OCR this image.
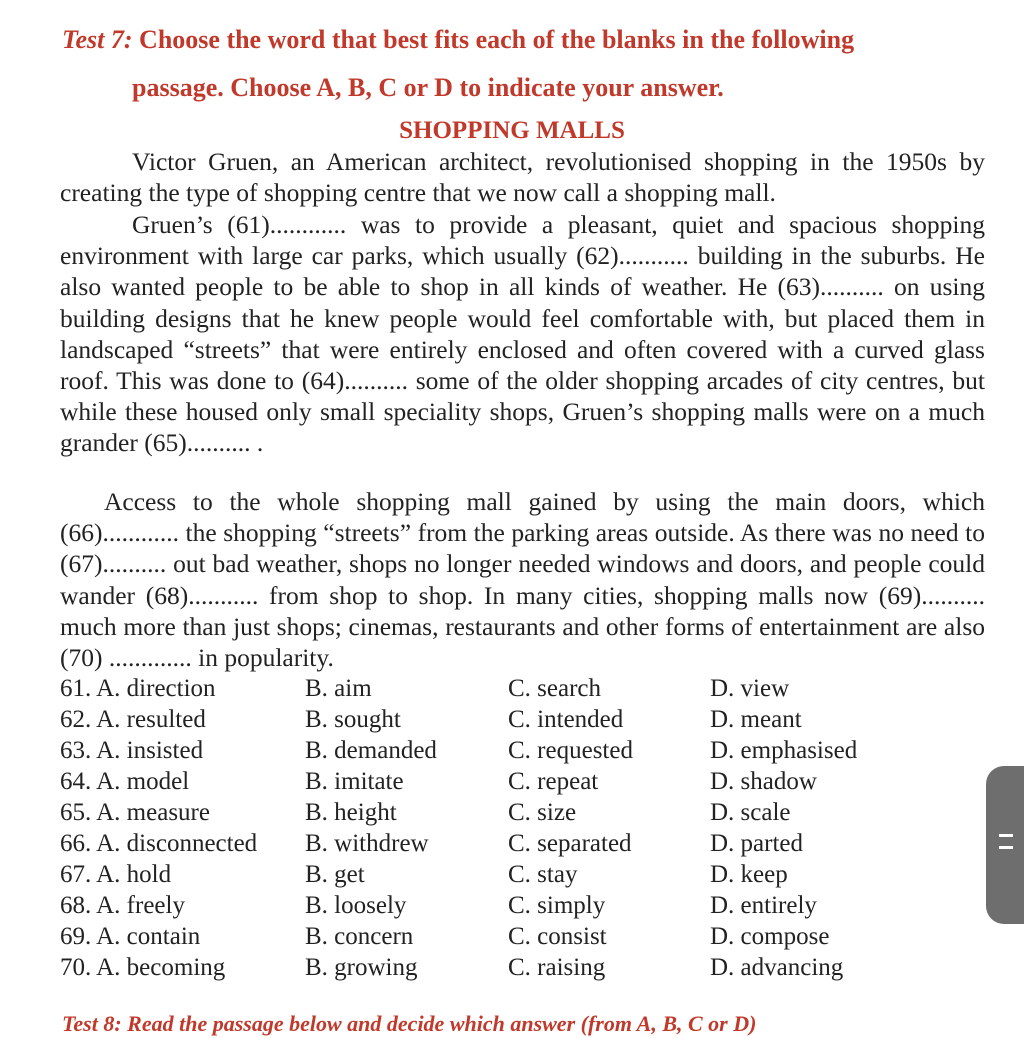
Test 7: Choose the word that best fits each of the blanks in the following
passage. Choose A, B, C or D to indicate your answer.
SHOPPING MALLS

Victor Gruen, an American architect, revolutionised shopping in the 1950s by creating the type of shopping centre that we now call a shopping mall.

Gruen’s (61)............ was to provide a pleasant, quiet and spacious shopping environment with large car parks, which usually (62)........... building in the suburbs. He also wanted people to be able to shop in all kinds of weather. He (63).......... on using building designs that he knew people would feel comfortable with, but placed them in landscaped “streets” that were entirely enclosed and often covered with a curved glass roof. This was done to (64).......... some of the older shopping arcades of city centres, but while these housed only small speciality shops, Gruen’s shopping malls were on a much grander (65).......... .

Access to the whole shopping mall gained by using the main doors, which (66)............ the shopping “streets” from the parking areas outside. As there was no need to (67).......... out bad weather, shops no longer needed windows and doors, and people could wander (68)........... from shop to shop. In many cities, shopping malls now (69).......... much more than just shops; cinemas, restaurants and other forms of entertainment are also (70) ............. in popularity.

61. A. direction	B. aim	C. search	D. view
62. A. resulted	B. sought	C. intended	D. meant
63. A. insisted	B. demanded	C. requested	D. emphasised
64. A. model	B. imitate	C. repeat	D. shadow
65. A. measure	B. height	C. size	D. scale
66. A. disconnected B. withdrew	C. separated	D. parted
67. A. hold	B. get	C. stay	D. keep
68. A. freely	B. loosely	C. simply	D. entirely
69. A. contain	B. concern	C. consist	D. compose
70. A. becoming	B. growing	C. raising	D. advancing
Test 8: Read the passage below and decide which answer (from A, B, C or D)
